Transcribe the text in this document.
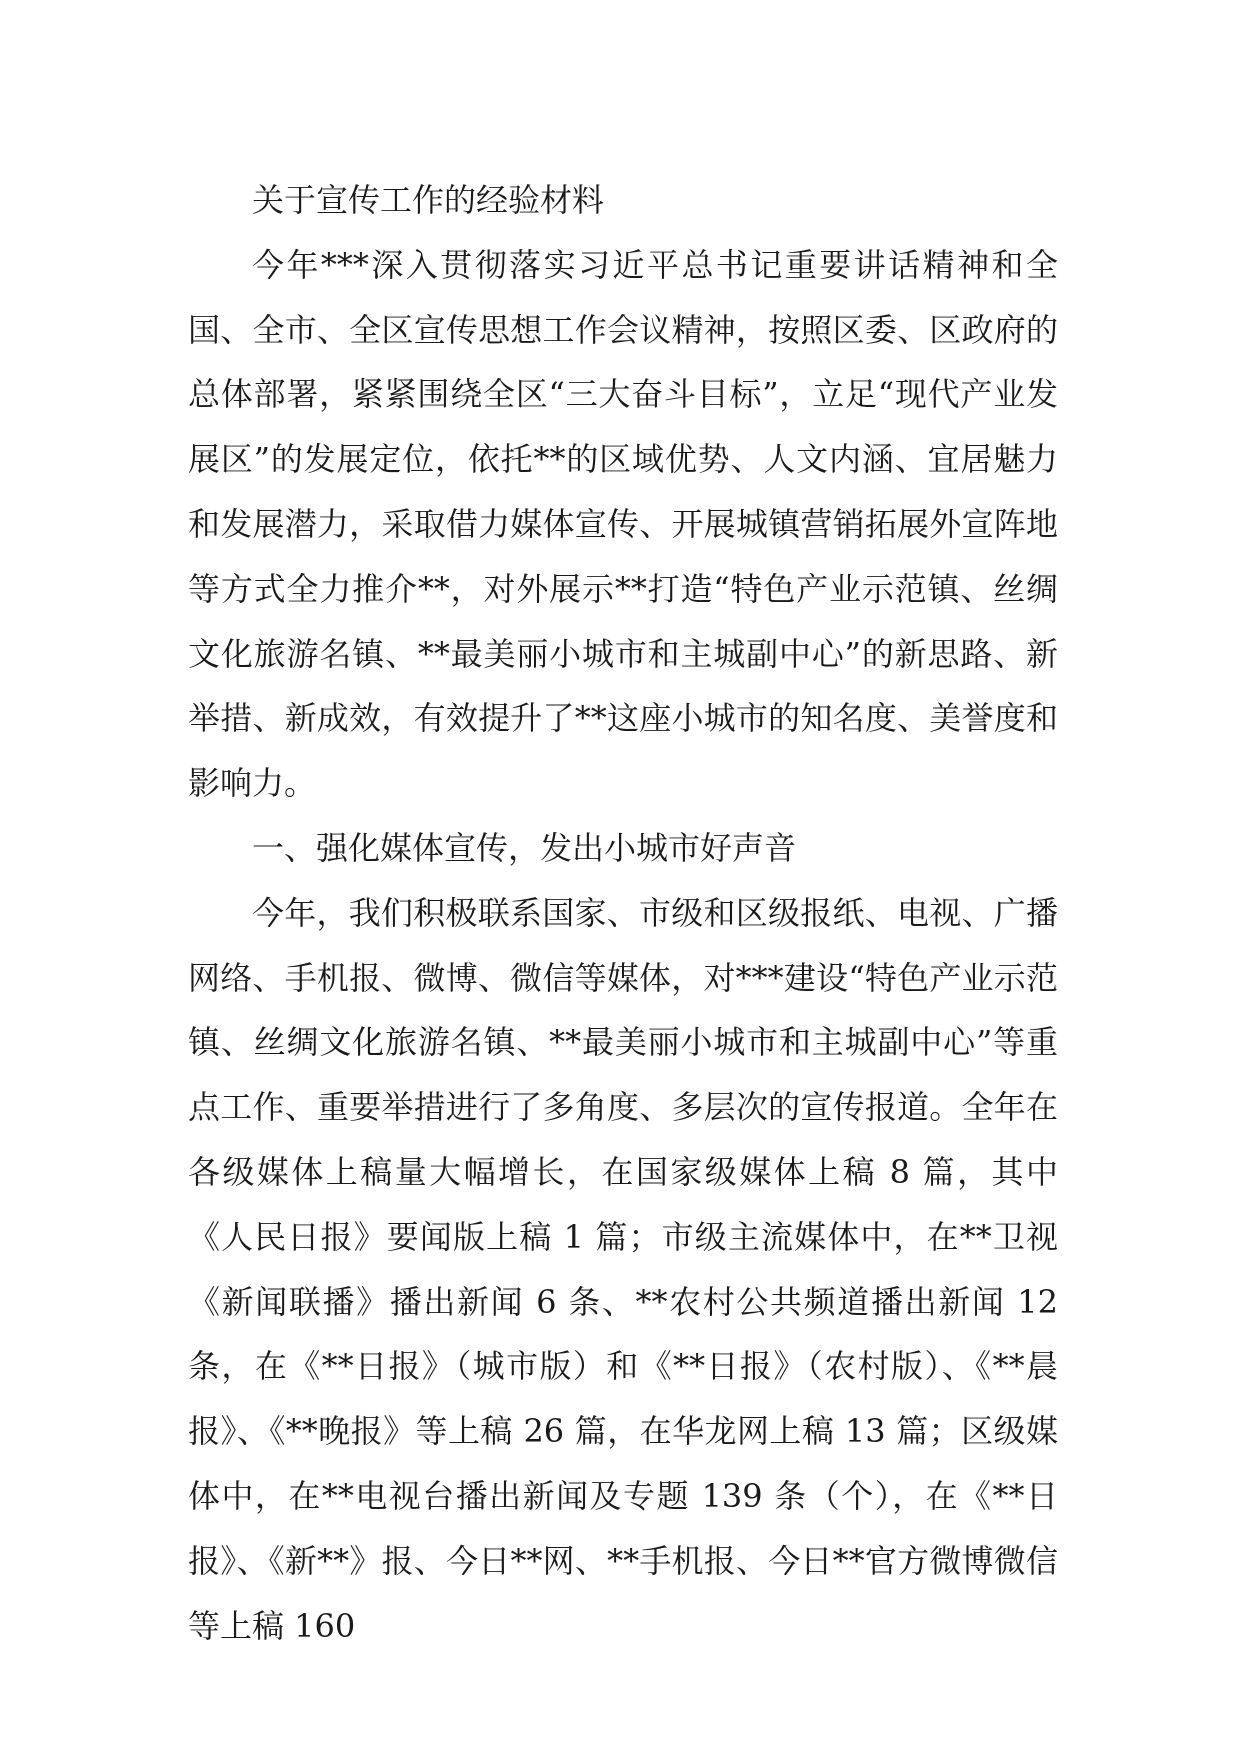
关于宣传工作的经验材料

今年***深入贯彻落实习近平总书记重要讲话精神和全国、全市、全区宣传思想工作会议精神，按照区委、区政府的总体部署，紧紧围绕全区“三大奋斗目标”，立足“现代产业发展区”的发展定位，依托**的区域优势、人文内涵、宜居魅力和发展潜力，采取借力媒体宣传、开展城镇营销拓展外宣阵地等方式全力推介**，对外展示**打造“特色产业示范镇、丝绸文化旅游名镇、**最美丽小城市和主城副中心”的新思路、新举措、新成效，有效提升了**这座小城市的知名度、美誉度和影响力。

一、强化媒体宣传，发出小城市好声音

今年，我们积极联系国家、市级和区级报纸、电视、广播网络、手机报、微博、微信等媒体，对***建设“特色产业示范镇、丝绸文化旅游名镇、**最美丽小城市和主城副中心”等重点工作、重要举措进行了多角度、多层次的宣传报道。全年在各级媒体上稿量大幅增长，在国家级媒体上稿 8 篇，其中《人民日报》要闻版上稿 1 篇；市级主流媒体中，在**卫视《新闻联播》播出新闻 6 条、**农村公共频道播出新闻 12 条，在《**日报》（城市版）和《**日报》（农村版）、《**晨报》、《**晚报》等上稿 26 篇，在华龙网上稿 13 篇；区级媒体中，在**电视台播出新闻及专题 139 条（个），在《**日报》、《新**》报、今日**网、**手机报、今日**官方微博微信等上稿 160
